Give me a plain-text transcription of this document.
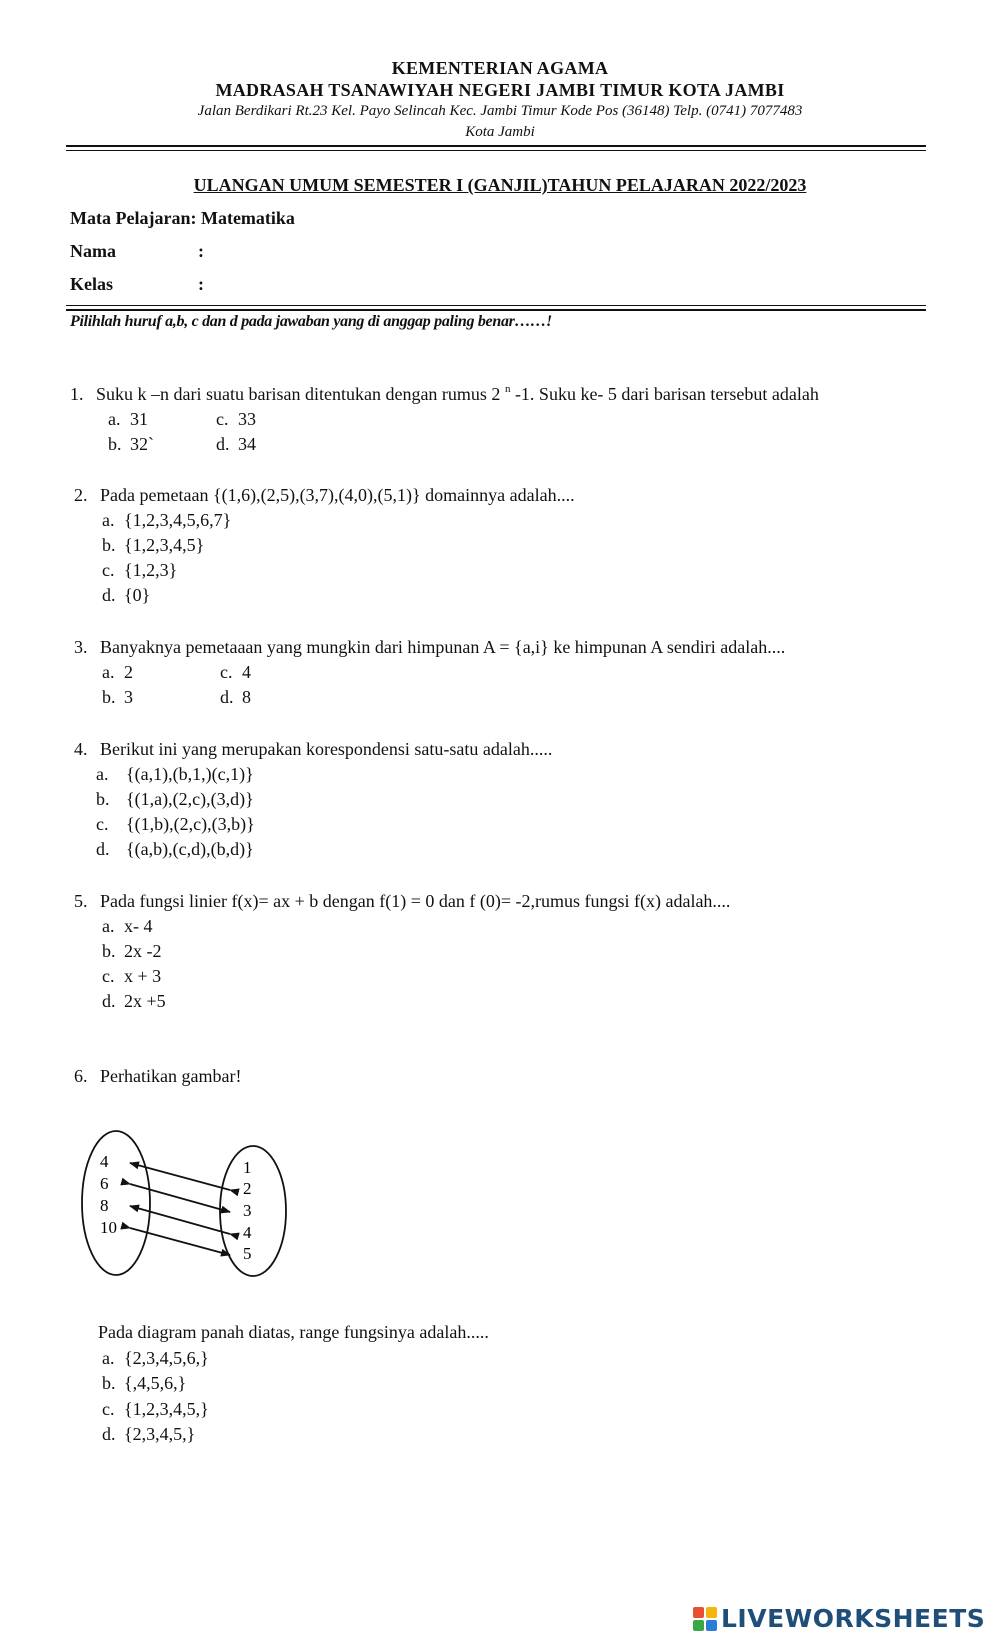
KEMENTERIAN AGAMA
MADRASAH TSANAWIYAH NEGERI JAMBI TIMUR KOTA JAMBI
Jalan Berdikari Rt.23 Kel. Payo Selincah Kec. Jambi Timur Kode Pos (36148) Telp. (0741) 7077483
Kota Jambi
ULANGAN UMUM SEMESTER I (GANJIL)TAHUN PELAJARAN 2022/2023
Mata Pelajaran: Matematika
Nama	:
Kelas	:
Pilihlah huruf a,b, c dan d pada jawaban yang di anggap paling benar……!
1. Suku k –n dari suatu barisan ditentukan dengan rumus 2 $^n$ -1. Suku ke- 5 dari barisan tersebut adalah
a. 31
b. 32`
c. 33
d. 34
2. Pada pemetaan {(1,6),(2,5),(3,7),(4,0),(5,1)} domainnya adalah....
a. {1,2,3,4,5,6,7}
b. {1,2,3,4,5}
c. {1,2,3}
d. {0}
3. Banyaknya pemetaaan yang mungkin dari himpunan A = {a,i} ke himpunan A sendiri adalah....
a. 2
b. 3
c. 4
d. 8
4. Berikut ini yang merupakan korespondensi satu-satu adalah.....
a. {(a,1),(b,1,)(c,1)}
b. {(1,a),(2,c),(3,d)}
c. {(1,b),(2,c),(3,b)}
d. {(a,b),(c,d),(b,d)}
5. Pada fungsi linier f(x)= ax + b dengan f(1) = 0 dan f (0)= -2,rumus fungsi f(x) adalah....
a. x- 4
b. 2x -2
c. x + 3
d. 2x +5
6. Perhatikan gambar!
4
6
8
10
1
2
3
4
5
Pada diagram panah diatas, range fungsinya adalah.....
a. {2,3,4,5,6,}
b. {,4,5,6,}
c. {1,2,3,4,5,}
d. {2,3,4,5,}
LIVEWORKSHEETS
